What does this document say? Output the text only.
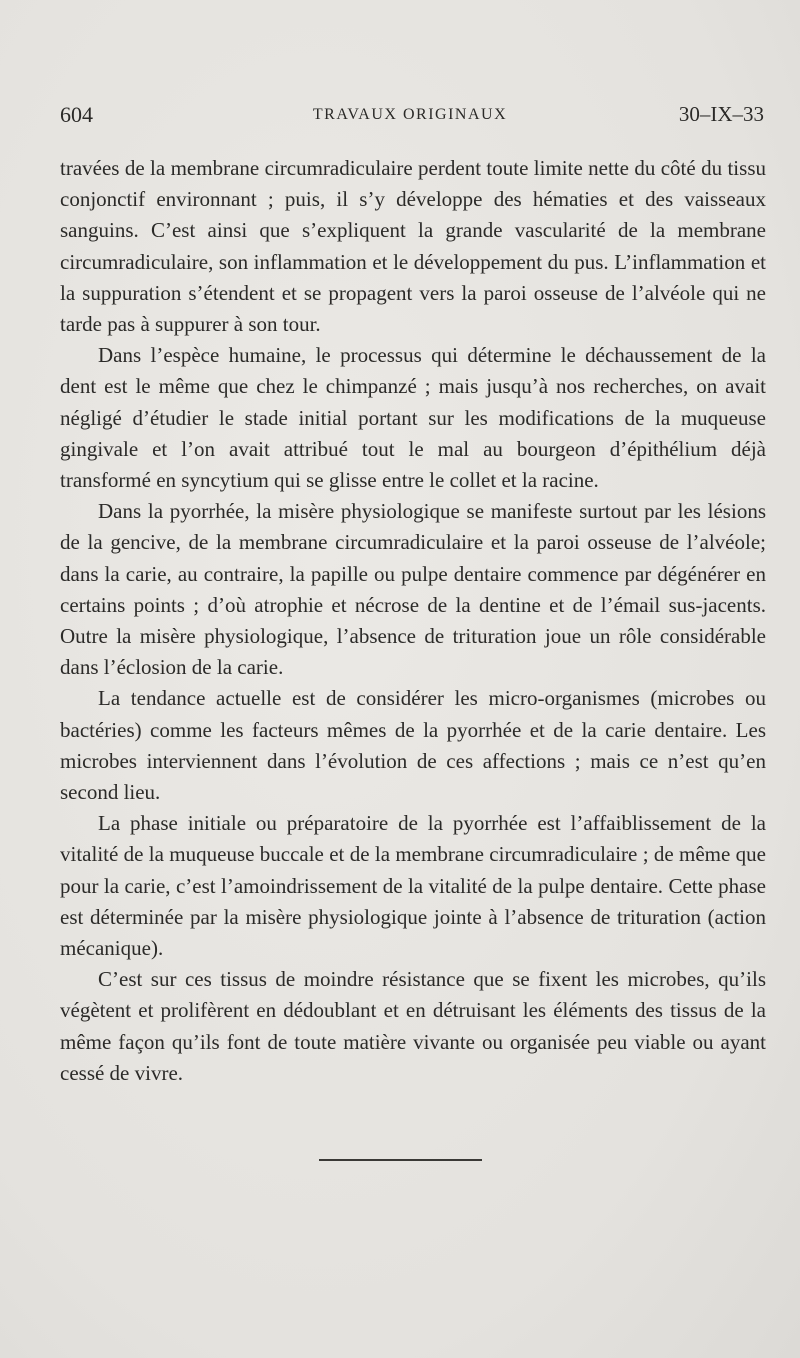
604	TRAVAUX ORIGINAUX	30–IX–33

travées de la membrane circumradiculaire perdent toute limite nette du côté du tissu conjonctif environnant ; puis, il s’y développe des hématies et des vaisseaux sanguins. C’est ainsi que s’expliquent la grande vascularité de la membrane circumradiculaire, son inflammation et le développement du pus. L’inflammation et la suppuration s’étendent et se propagent vers la paroi osseuse de l’alvéole qui ne tarde pas à suppurer à son tour.

Dans l’espèce humaine, le processus qui détermine le déchaussement de la dent est le même que chez le chimpanzé ; mais jusqu’à nos recherches, on avait négligé d’étudier le stade initial portant sur les modifications de la muqueuse gingivale et l’on avait attribué tout le mal au bourgeon d’épithélium déjà transformé en syncytium qui se glisse entre le collet et la racine.

Dans la pyorrhée, la misère physiologique se manifeste surtout par les lésions de la gencive, de la membrane circumradiculaire et la paroi osseuse de l’alvéole; dans la carie, au contraire, la papille ou pulpe dentaire commence par dégénérer en certains points ; d’où atrophie et nécrose de la dentine et de l’émail sus-jacents. Outre la misère physiologique, l’absence de trituration joue un rôle considérable dans l’éclosion de la carie.

La tendance actuelle est de considérer les micro-organismes (microbes ou bactéries) comme les facteurs mêmes de la pyorrhée et de la carie dentaire. Les microbes interviennent dans l’évolution de ces affections ; mais ce n’est qu’en second lieu.

La phase initiale ou préparatoire de la pyorrhée est l’affaiblissement de la vitalité de la muqueuse buccale et de la membrane circumradiculaire ; de même que pour la carie, c’est l’amoindrissement de la vitalité de la pulpe dentaire. Cette phase est déterminée par la misère physiologique jointe à l’absence de trituration (action mécanique).

C’est sur ces tissus de moindre résistance que se fixent les microbes, qu’ils végètent et prolifèrent en dédoublant et en détruisant les éléments des tissus de la même façon qu’ils font de toute matière vivante ou organisée peu viable ou ayant cessé de vivre.
